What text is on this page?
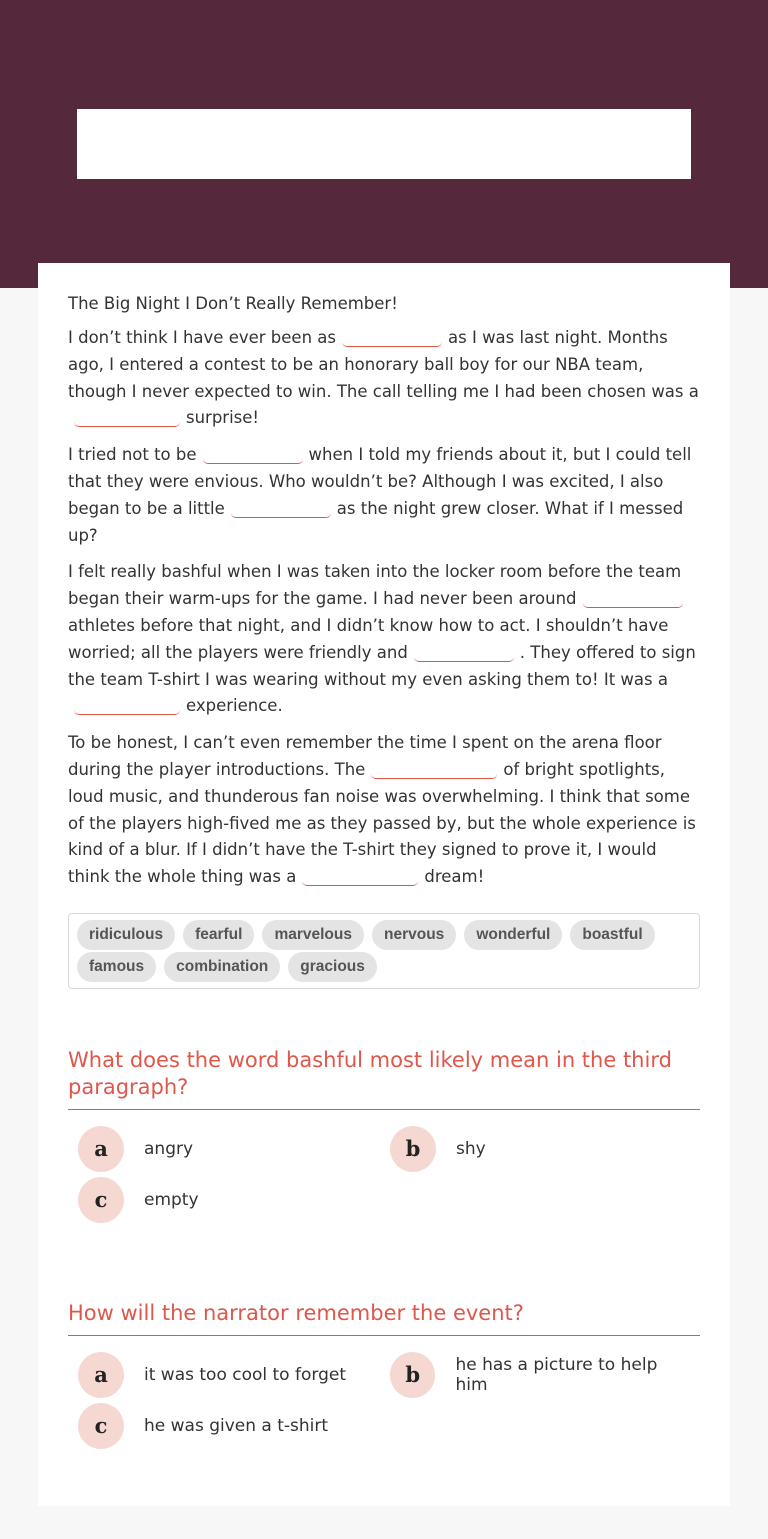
The Big Night I Don’t Really Remember!

I don’t think I have ever been as	as I was last night. Months ago, I entered a contest to be an honorary ball boy for our NBA team, though I never expected to win. The call telling me I had been chosen was a surprise!

I tried not to be	when I told my friends about it, but I could tell that they were envious. Who wouldn’t be? Although I was excited, I also began to be a little	as the night grew closer. What if I messed up?

I felt really bashful when I was taken into the locker room before the team began their warm-ups for the game. I had never been aroundathletes before that night, and I didn’t know how to act. I shouldn’t have worried; all the players were friendly and	. They offered to sign the team T-shirt I was wearing without my even asking them to! It was a experience.

To be honest, I can’t even remember the time I spent on the arena floor during the player introductions. The	of bright spotlights, loud music, and thunderous fan noise was overwhelming. I think that some of the players high-fived me as they passed by, but the whole experience is kind of a blur. If I didn’t have the T-shirt they signed to prove it, I would think the whole thing was a	dream!

ridiculous	fearful	marvelous	nervous	wonderful	boastful
famous	combination	gracious

What does the word bashful most likely mean in the third paragraph?

a	angry	b	shy
c	empty

How will the narrator remember the event?

a	it was too cool to forget	b	he has a picture to help him
c	he was given a t-shirt
